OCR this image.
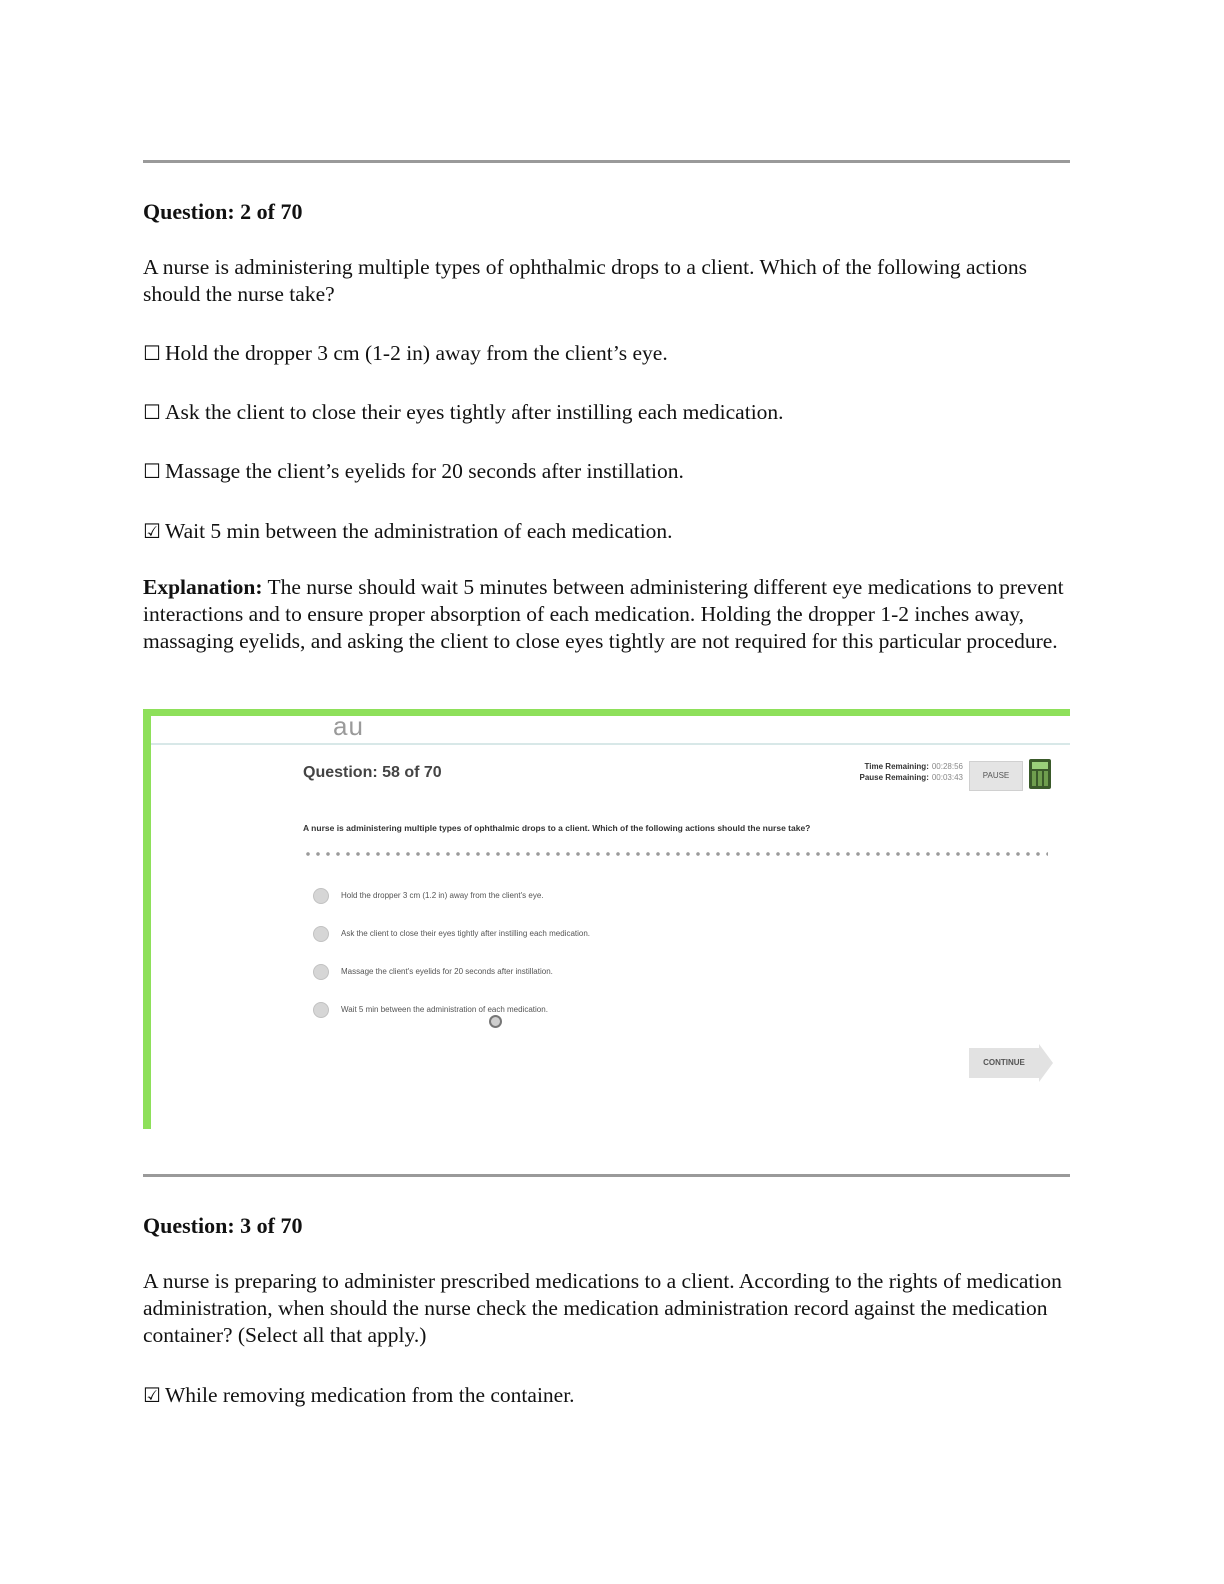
Question: 2 of 70

A nurse is administering multiple types of ophthalmic drops to a client. Which of the following actions should the nurse take?

☐ Hold the dropper 3 cm (1-2 in) away from the client’s eye.
☐ Ask the client to close their eyes tightly after instilling each medication.
☐ Massage the client’s eyelids for 20 seconds after instillation.
☑ Wait 5 min between the administration of each medication.

Explanation: The nurse should wait 5 minutes between administering different eye medications to prevent interactions and to ensure proper absorption of each medication. Holding the dropper 1-2 inches away, massaging eyelids, and asking the client to close eyes tightly are not required for this particular procedure.

au
Question: 58 of 70	Time Remaining: 00:28:56
Pause Remaining: 00:03:43	PAUSE
A nurse is administering multiple types of ophthalmic drops to a client. Which of the following actions should the nurse take?
Hold the dropper 3 cm (1.2 in) away from the client's eye.
Ask the client to close their eyes tightly after instilling each medication.
Massage the client's eyelids for 20 seconds after instillation.
Wait 5 min between the administration of each medication.
CONTINUE
Question: 3 of 70

A nurse is preparing to administer prescribed medications to a client. According to the rights of medication administration, when should the nurse check the medication administration record against the medication container? (Select all that apply.)

☑ While removing medication from the container.
